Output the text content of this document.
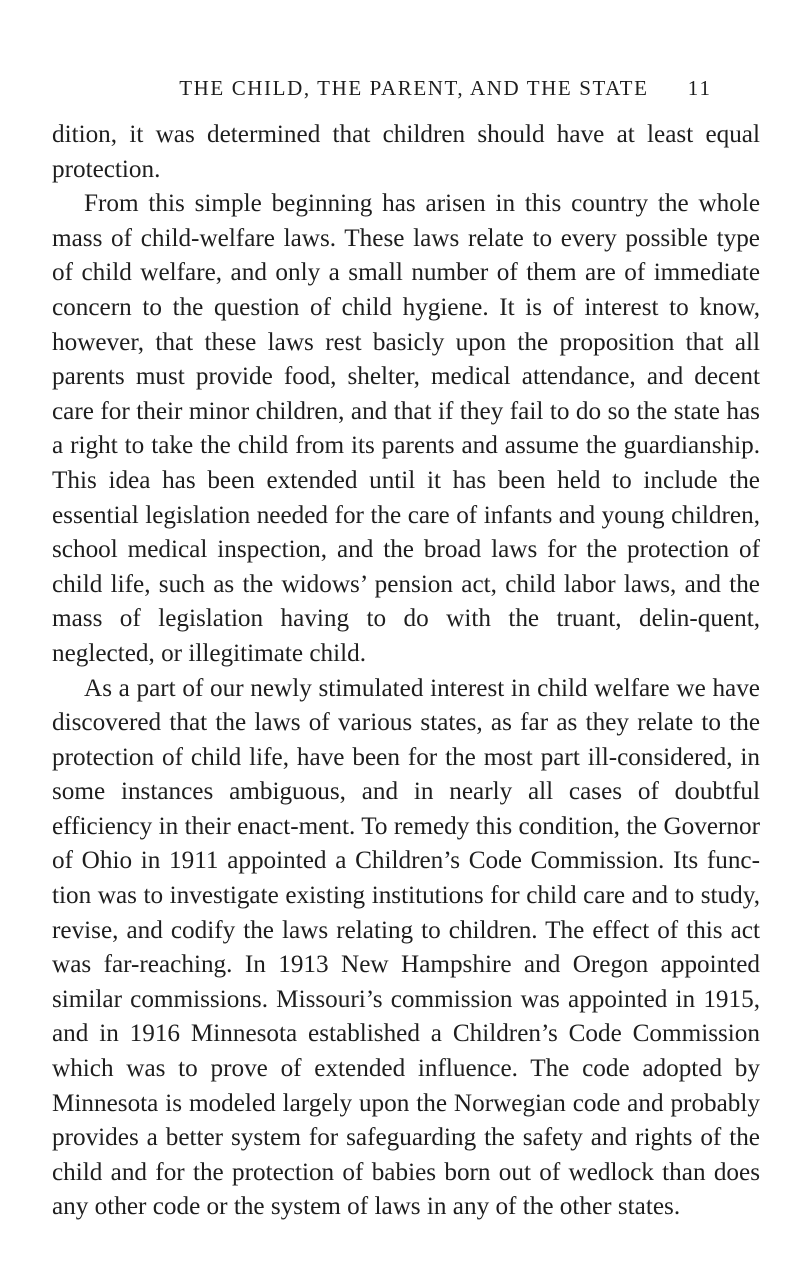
THE CHILD, THE PARENT, AND THE STATE	11

dition, it was determined that children should have at least equal protection.

From this simple beginning has arisen in this country the whole mass of child-welfare laws. These laws relate to every possible type of child welfare, and only a small number of them are of immediate concern to the question of child hygiene. It is of interest to know, however, that these laws rest basicly upon the proposition that all parents must provide food, shelter, medical attendance, and decent care for their minor children, and that if they fail to do so the state has a right to take the child from its parents and assume the guardianship. This idea has been extended until it has been held to include the essential legislation needed for the care of infants and young children, school medical inspection, and the broad laws for the protection of child life, such as the widows’ pension act, child labor laws, and the mass of legislation having to do with the truant, delin-quent, neglected, or illegitimate child.

As a part of our newly stimulated interest in child welfare we have discovered that the laws of various states, as far as they relate to the protection of child life, have been for the most part ill-considered, in some instances ambiguous, and in nearly all cases of doubtful efficiency in their enact-ment. To remedy this condition, the Governor of Ohio in 1911 appointed a Children’s Code Commission. Its func-tion was to investigate existing institutions for child care and to study, revise, and codify the laws relating to children. The effect of this act was far-reaching. In 1913 New Hampshire and Oregon appointed similar commissions. Missouri’s commission was appointed in 1915, and in 1916 Minnesota established a Children’s Code Commission which was to prove of extended influence. The code adopted by Minnesota is modeled largely upon the Norwegian code and probably provides a better system for safeguarding the safety and rights of the child and for the protection of babies born out of wedlock than does any other code or the system of laws in any of the other states.
